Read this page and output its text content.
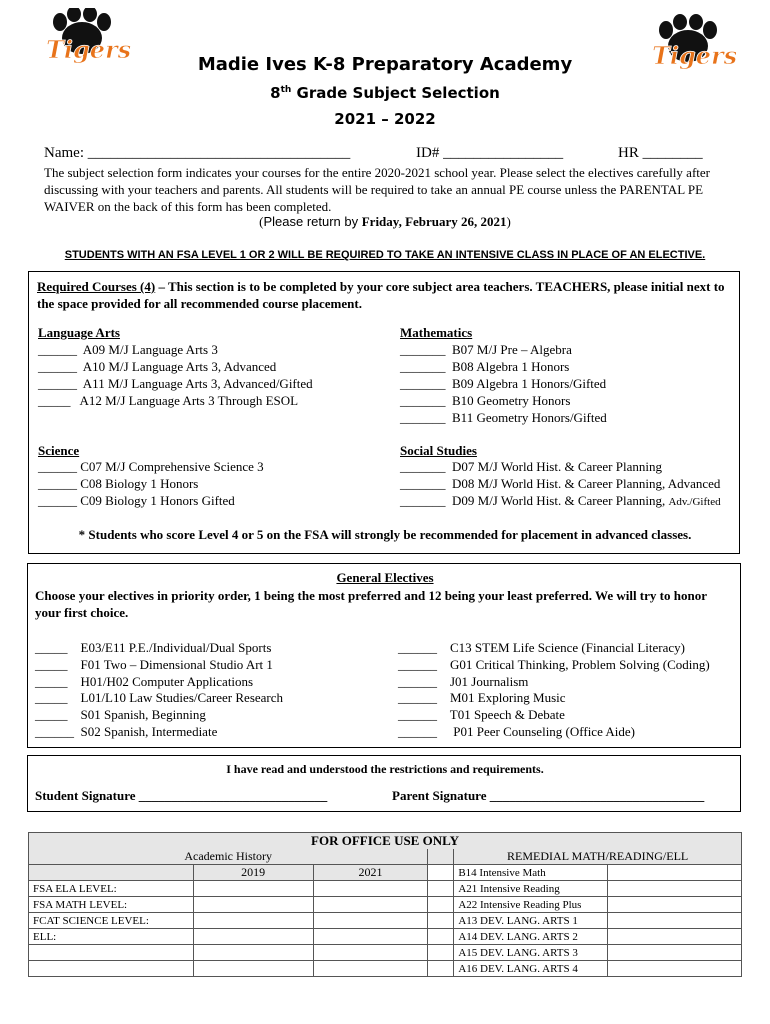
Tigers	Tigers
Madie Ives K-8 Preparatory Academy
8th Grade Subject Selection
2021 – 2022
Name: ___________________________________	ID# ________________	HR ________
The subject selection form indicates your courses for the entire 2020-2021 school year. Please select the electives carefully after discussing with your teachers and parents. All students will be required to take an annual PE course unless the PARENTAL PE WAIVER on the back of this form has been completed.
(Please return by Friday, February 26, 2021)
STUDENTS WITH AN FSA LEVEL 1 OR 2 WILL BE REQUIRED TO TAKE AN INTENSIVE CLASS IN PLACE OF AN ELECTIVE.
Required Courses (4) – This section is to be completed by your core subject area teachers. TEACHERS, please initial next to the space provided for all recommended course placement.
Language Arts
______  A09 M/J Language Arts 3
______  A10 M/J Language Arts 3, Advanced
______  A11 M/J Language Arts 3, Advanced/Gifted
_____   A12 M/J Language Arts 3 Through ESOL
Mathematics
_______  B07 M/J Pre – Algebra
_______  B08 Algebra 1 Honors
_______  B09 Algebra 1 Honors/Gifted
_______  B10 Geometry Honors
_______  B11 Geometry Honors/Gifted
Science
______ C07 M/J Comprehensive Science 3
______ C08 Biology 1 Honors
______ C09 Biology 1 Honors Gifted
Social Studies
_______  D07 M/J World Hist. & Career Planning
_______  D08 M/J World Hist. & Career Planning, Advanced
_______  D09 M/J World Hist. & Career Planning, Adv./Gifted
* Students who score Level 4 or 5 on the FSA will strongly be recommended for placement in advanced classes.
General Electives
Choose your electives in priority order, 1 being the most preferred and 12 being your least preferred. We will try to honor your first choice.
_____    E03/E11 P.E./Individual/Dual Sports
_____    F01 Two – Dimensional Studio Art 1
_____    H01/H02 Computer Applications
_____    L01/L10 Law Studies/Career Research
_____    S01 Spanish, Beginning
______  S02 Spanish, Intermediate
______    C13 STEM Life Science (Financial Literacy)
______    G01 Critical Thinking, Problem Solving (Coding)
______    J01 Journalism
______    M01 Exploring Music
______    T01 Speech & Debate
______     P01 Peer Counseling (Office Aide)
I have read and understood the restrictions and requirements.
Student Signature _____________________________	Parent Signature _________________________________
FOR OFFICE USE ONLY					
Academic History				REMEDIAL MATH/READING/ELL	
	2019	2021		B14 Intensive Math	
FSA ELA LEVEL:				A21 Intensive Reading	
FSA MATH LEVEL:				A22 Intensive Reading Plus	
FCAT SCIENCE LEVEL:				A13 DEV. LANG. ARTS 1	
ELL:				A14 DEV. LANG. ARTS 2	
				A15 DEV. LANG. ARTS 3	
				A16 DEV. LANG. ARTS 4	
